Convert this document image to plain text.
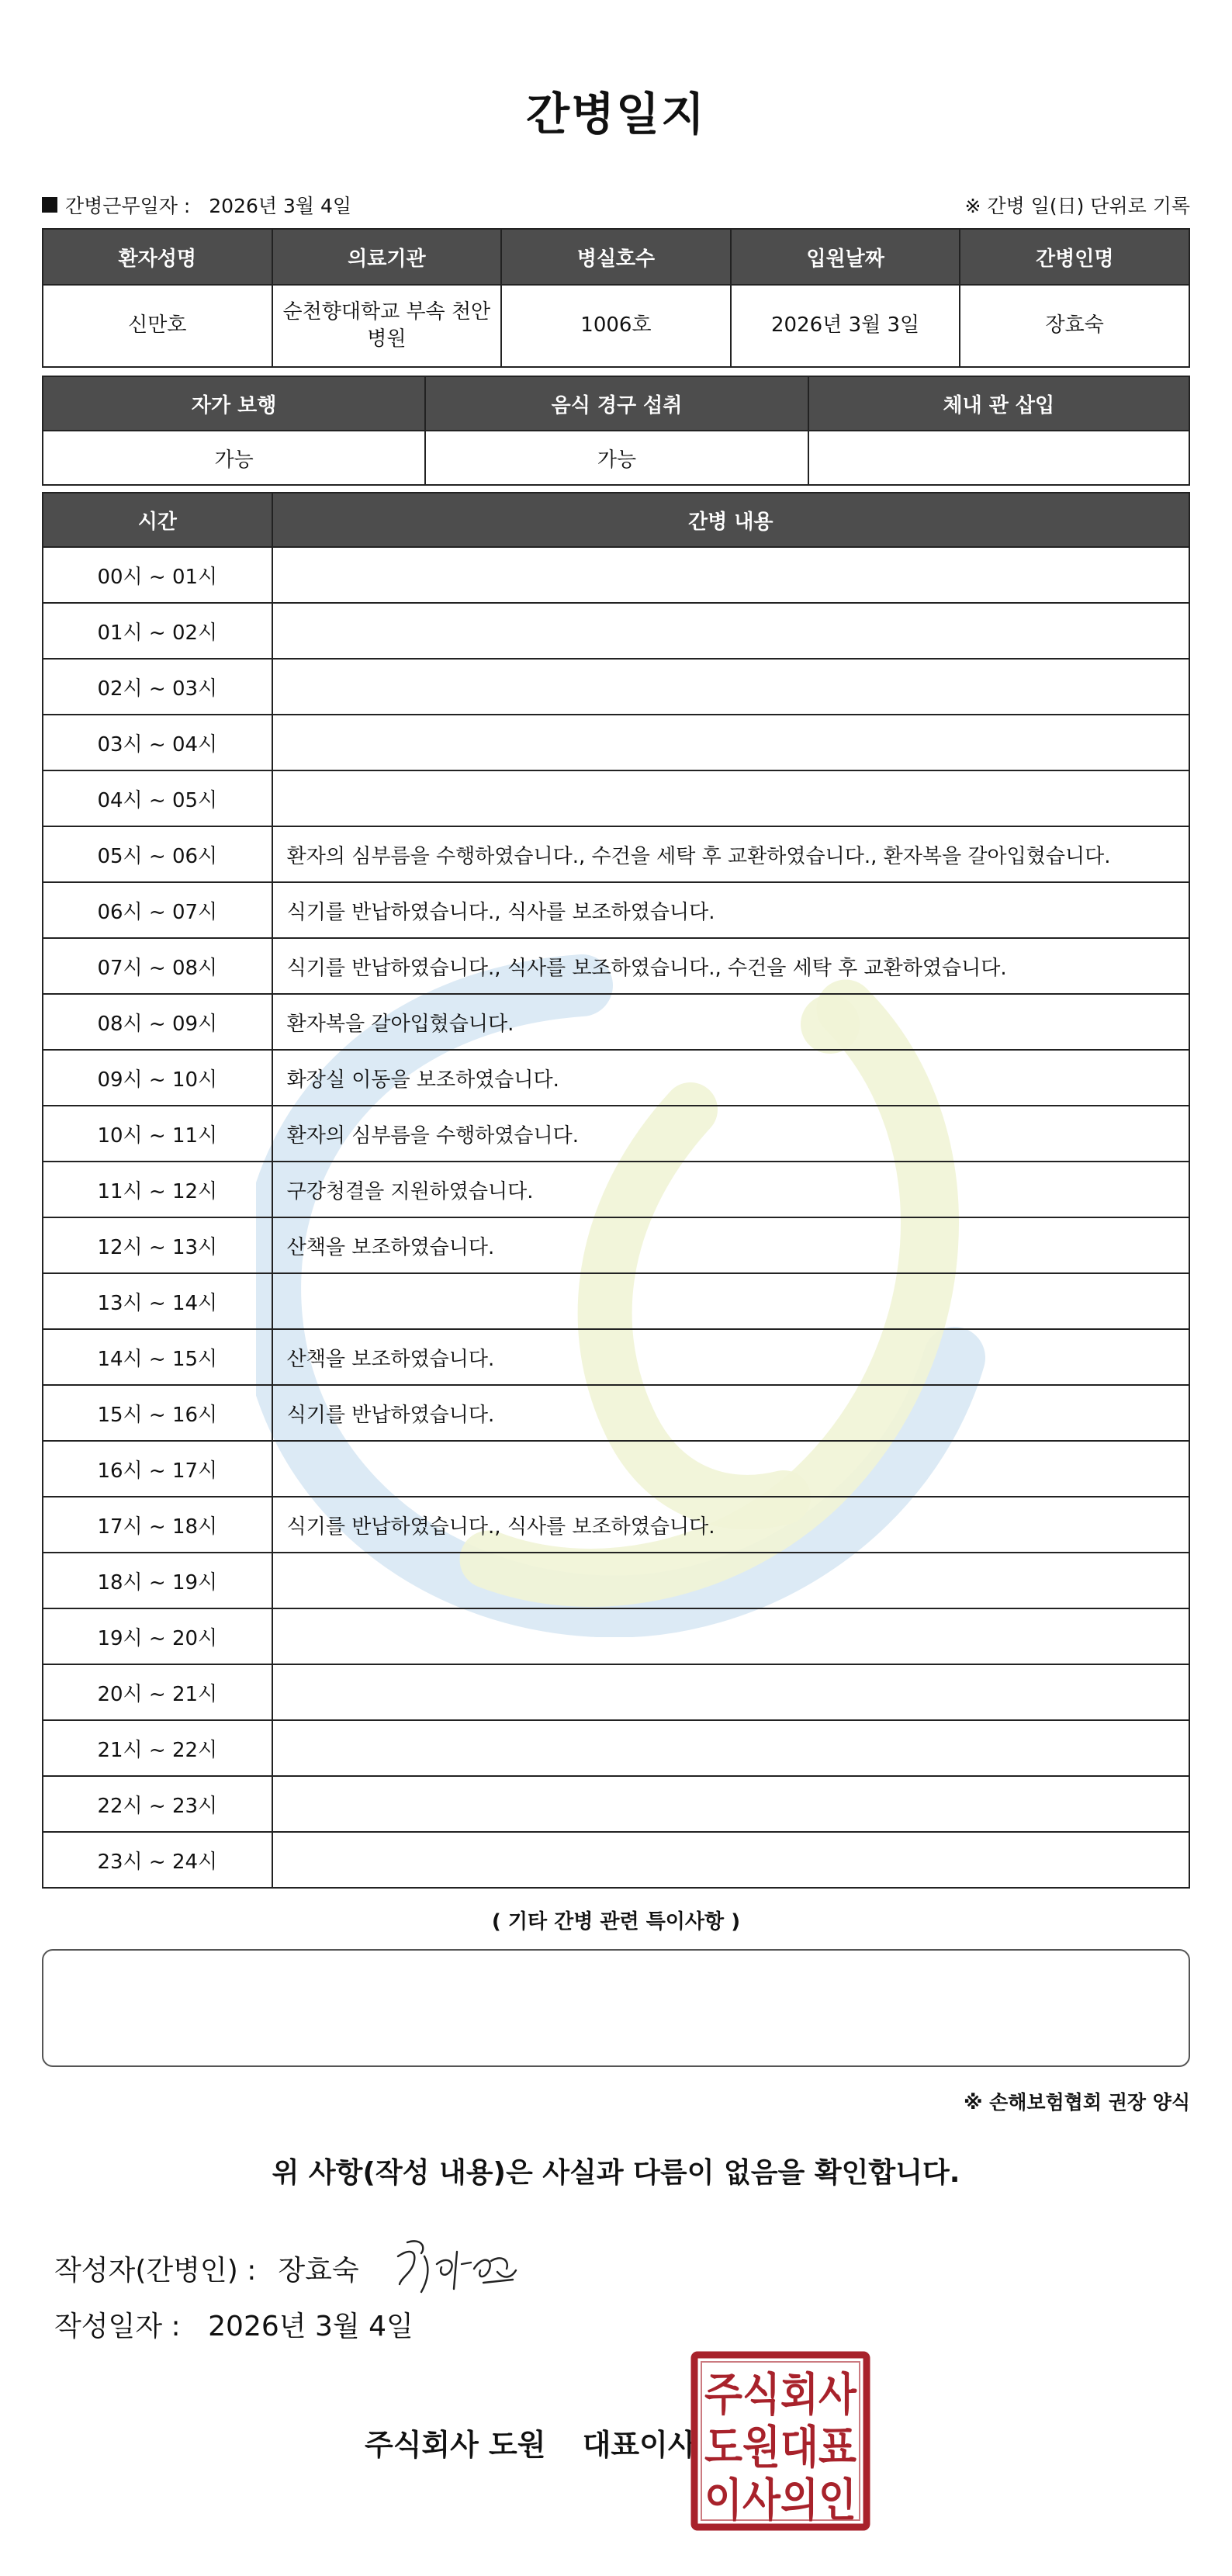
간병일지
간병근무일자 : 2026년 3월 4일	※ 간병 일(日) 단위로 기록
환자성명	의료기관	병실호수	입원날짜	간병인명
신만호	순천향대학교 부속 천안 병원	1006호	2026년 3월 3일	장효숙
자가 보행	음식 경구 섭취	체내 관 삽입
가능	가능	
시간	간병 내용
00시 ~ 01시	
01시 ~ 02시	
02시 ~ 03시	
03시 ~ 04시	
04시 ~ 05시	
05시 ~ 06시	환자의 심부름을 수행하였습니다., 수건을 세탁 후 교환하였습니다., 환자복을 갈아입혔습니다.
06시 ~ 07시	식기를 반납하였습니다., 식사를 보조하였습니다.
07시 ~ 08시	식기를 반납하였습니다., 식사를 보조하였습니다., 수건을 세탁 후 교환하였습니다.
08시 ~ 09시	환자복을 갈아입혔습니다.
09시 ~ 10시	화장실 이동을 보조하였습니다.
10시 ~ 11시	환자의 심부름을 수행하였습니다.
11시 ~ 12시	구강청결을 지원하였습니다.
12시 ~ 13시	산책을 보조하였습니다.
13시 ~ 14시	
14시 ~ 15시	산책을 보조하였습니다.
15시 ~ 16시	식기를 반납하였습니다.
16시 ~ 17시	
17시 ~ 18시	식기를 반납하였습니다., 식사를 보조하였습니다.
18시 ~ 19시	
19시 ~ 20시	
20시 ~ 21시	
21시 ~ 22시	
22시 ~ 23시	
23시 ~ 24시	
( 기타 간병 관련 특이사항 )
※ 손해보험협회 권장 양식
위 사항(작성 내용)은 사실과 다름이 없음을 확인합니다.
작성자(간병인) : 장효숙
작성일자 : 2026년 3월 4일
주식회사 도원 대표이사
주식회사
도원대표
이사의인
